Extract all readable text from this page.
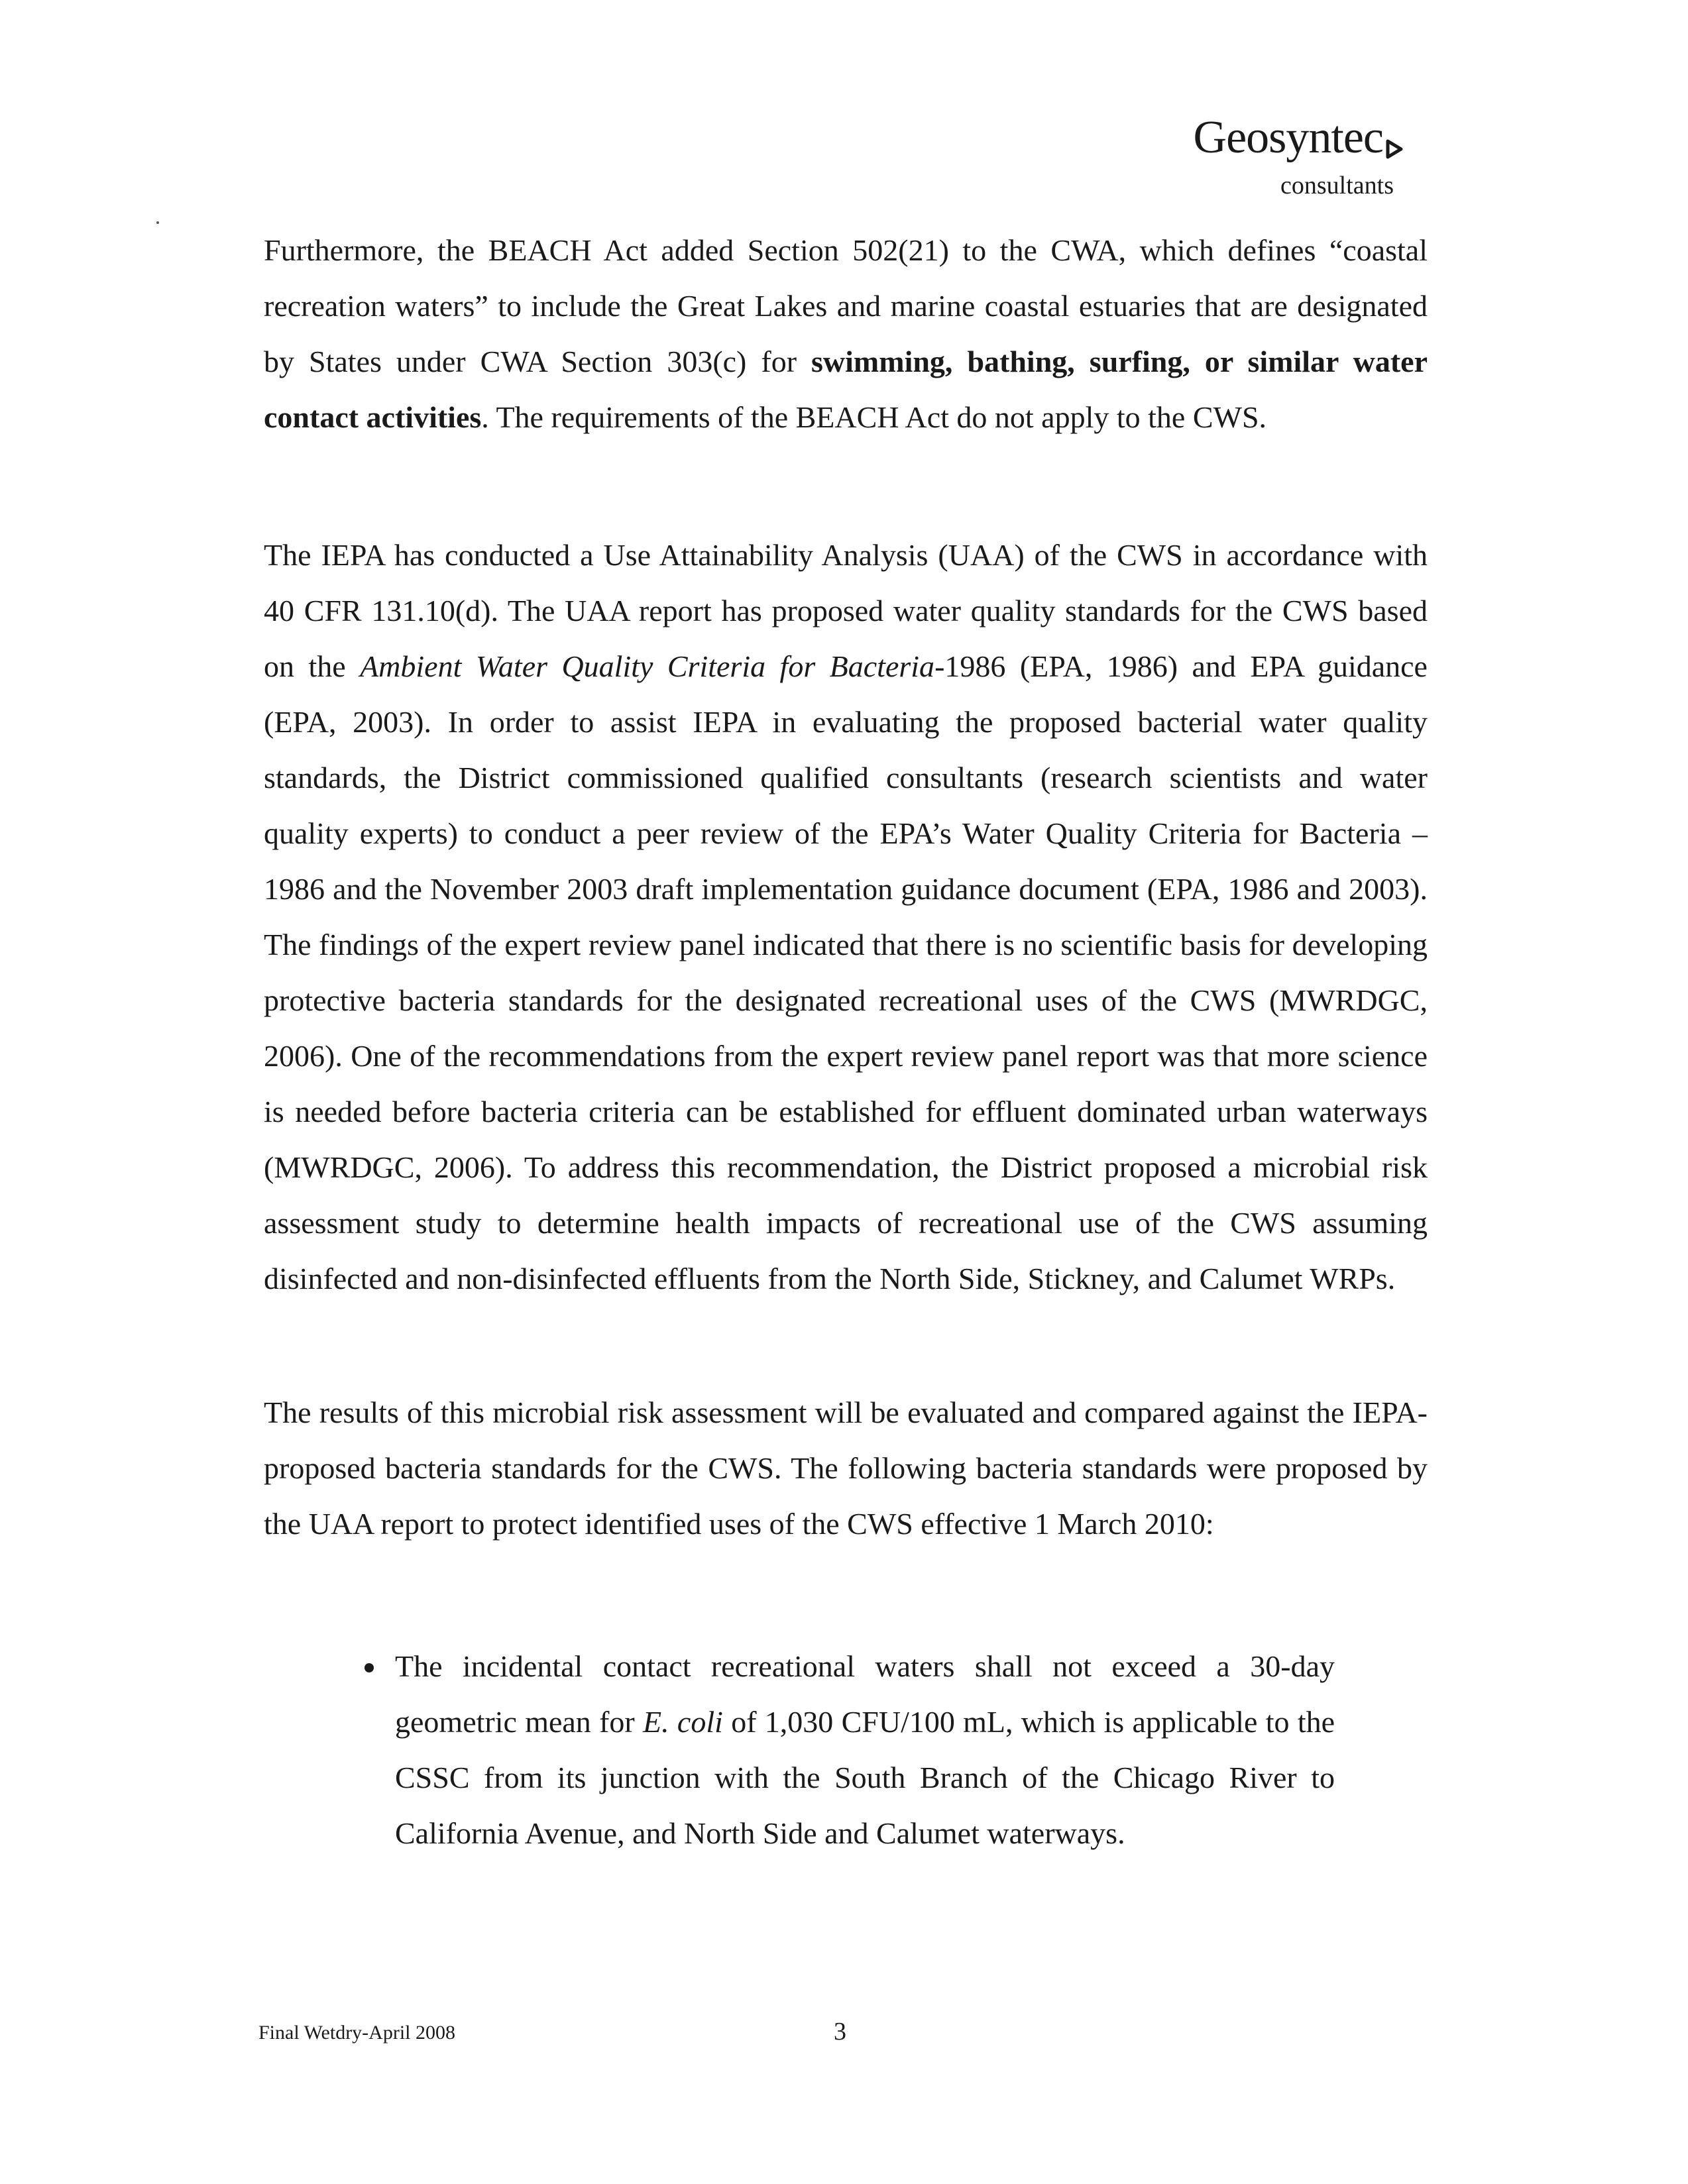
Geosyntec
consultants

Furthermore, the BEACH Act added Section 502(21) to the CWA, which defines “coastal recreation waters” to include the Great Lakes and marine coastal estuaries that are designated by States under CWA Section 303(c) for swimming, bathing, surfing, or similar water contact activities. The requirements of the BEACH Act do not apply to the CWS.

The IEPA has conducted a Use Attainability Analysis (UAA) of the CWS in accordance with 40 CFR 131.10(d). The UAA report has proposed water quality standards for the CWS based on the Ambient Water Quality Criteria for Bacteria-1986 (EPA, 1986) and EPA guidance (EPA, 2003). In order to assist IEPA in evaluating the proposed bacterial water quality standards, the District commissioned qualified consultants (research scientists and water quality experts) to conduct a peer review of the EPA’s Water Quality Criteria for Bacteria – 1986 and the November 2003 draft implementation guidance document (EPA, 1986 and 2003). The findings of the expert review panel indicated that there is no scientific basis for developing protective bacteria standards for the designated recreational uses of the CWS (MWRDGC, 2006). One of the recommendations from the expert review panel report was that more science is needed before bacteria criteria can be established for effluent dominated urban waterways (MWRDGC, 2006). To address this recommendation, the District proposed a microbial risk assessment study to determine health impacts of recreational use of the CWS assuming disinfected and non-disinfected effluents from the North Side, Stickney, and Calumet WRPs.

The results of this microbial risk assessment will be evaluated and compared against the IEPA-proposed bacteria standards for the CWS. The following bacteria standards were proposed by the UAA report to protect identified uses of the CWS effective 1 March 2010:

The incidental contact recreational waters shall not exceed a 30-day geometric mean for E. coli of 1,030 CFU/100 mL, which is applicable to the CSSC from its junction with the South Branch of the Chicago River to California Avenue, and North Side and Calumet waterways.
Final Wetdry-April 2008	3
